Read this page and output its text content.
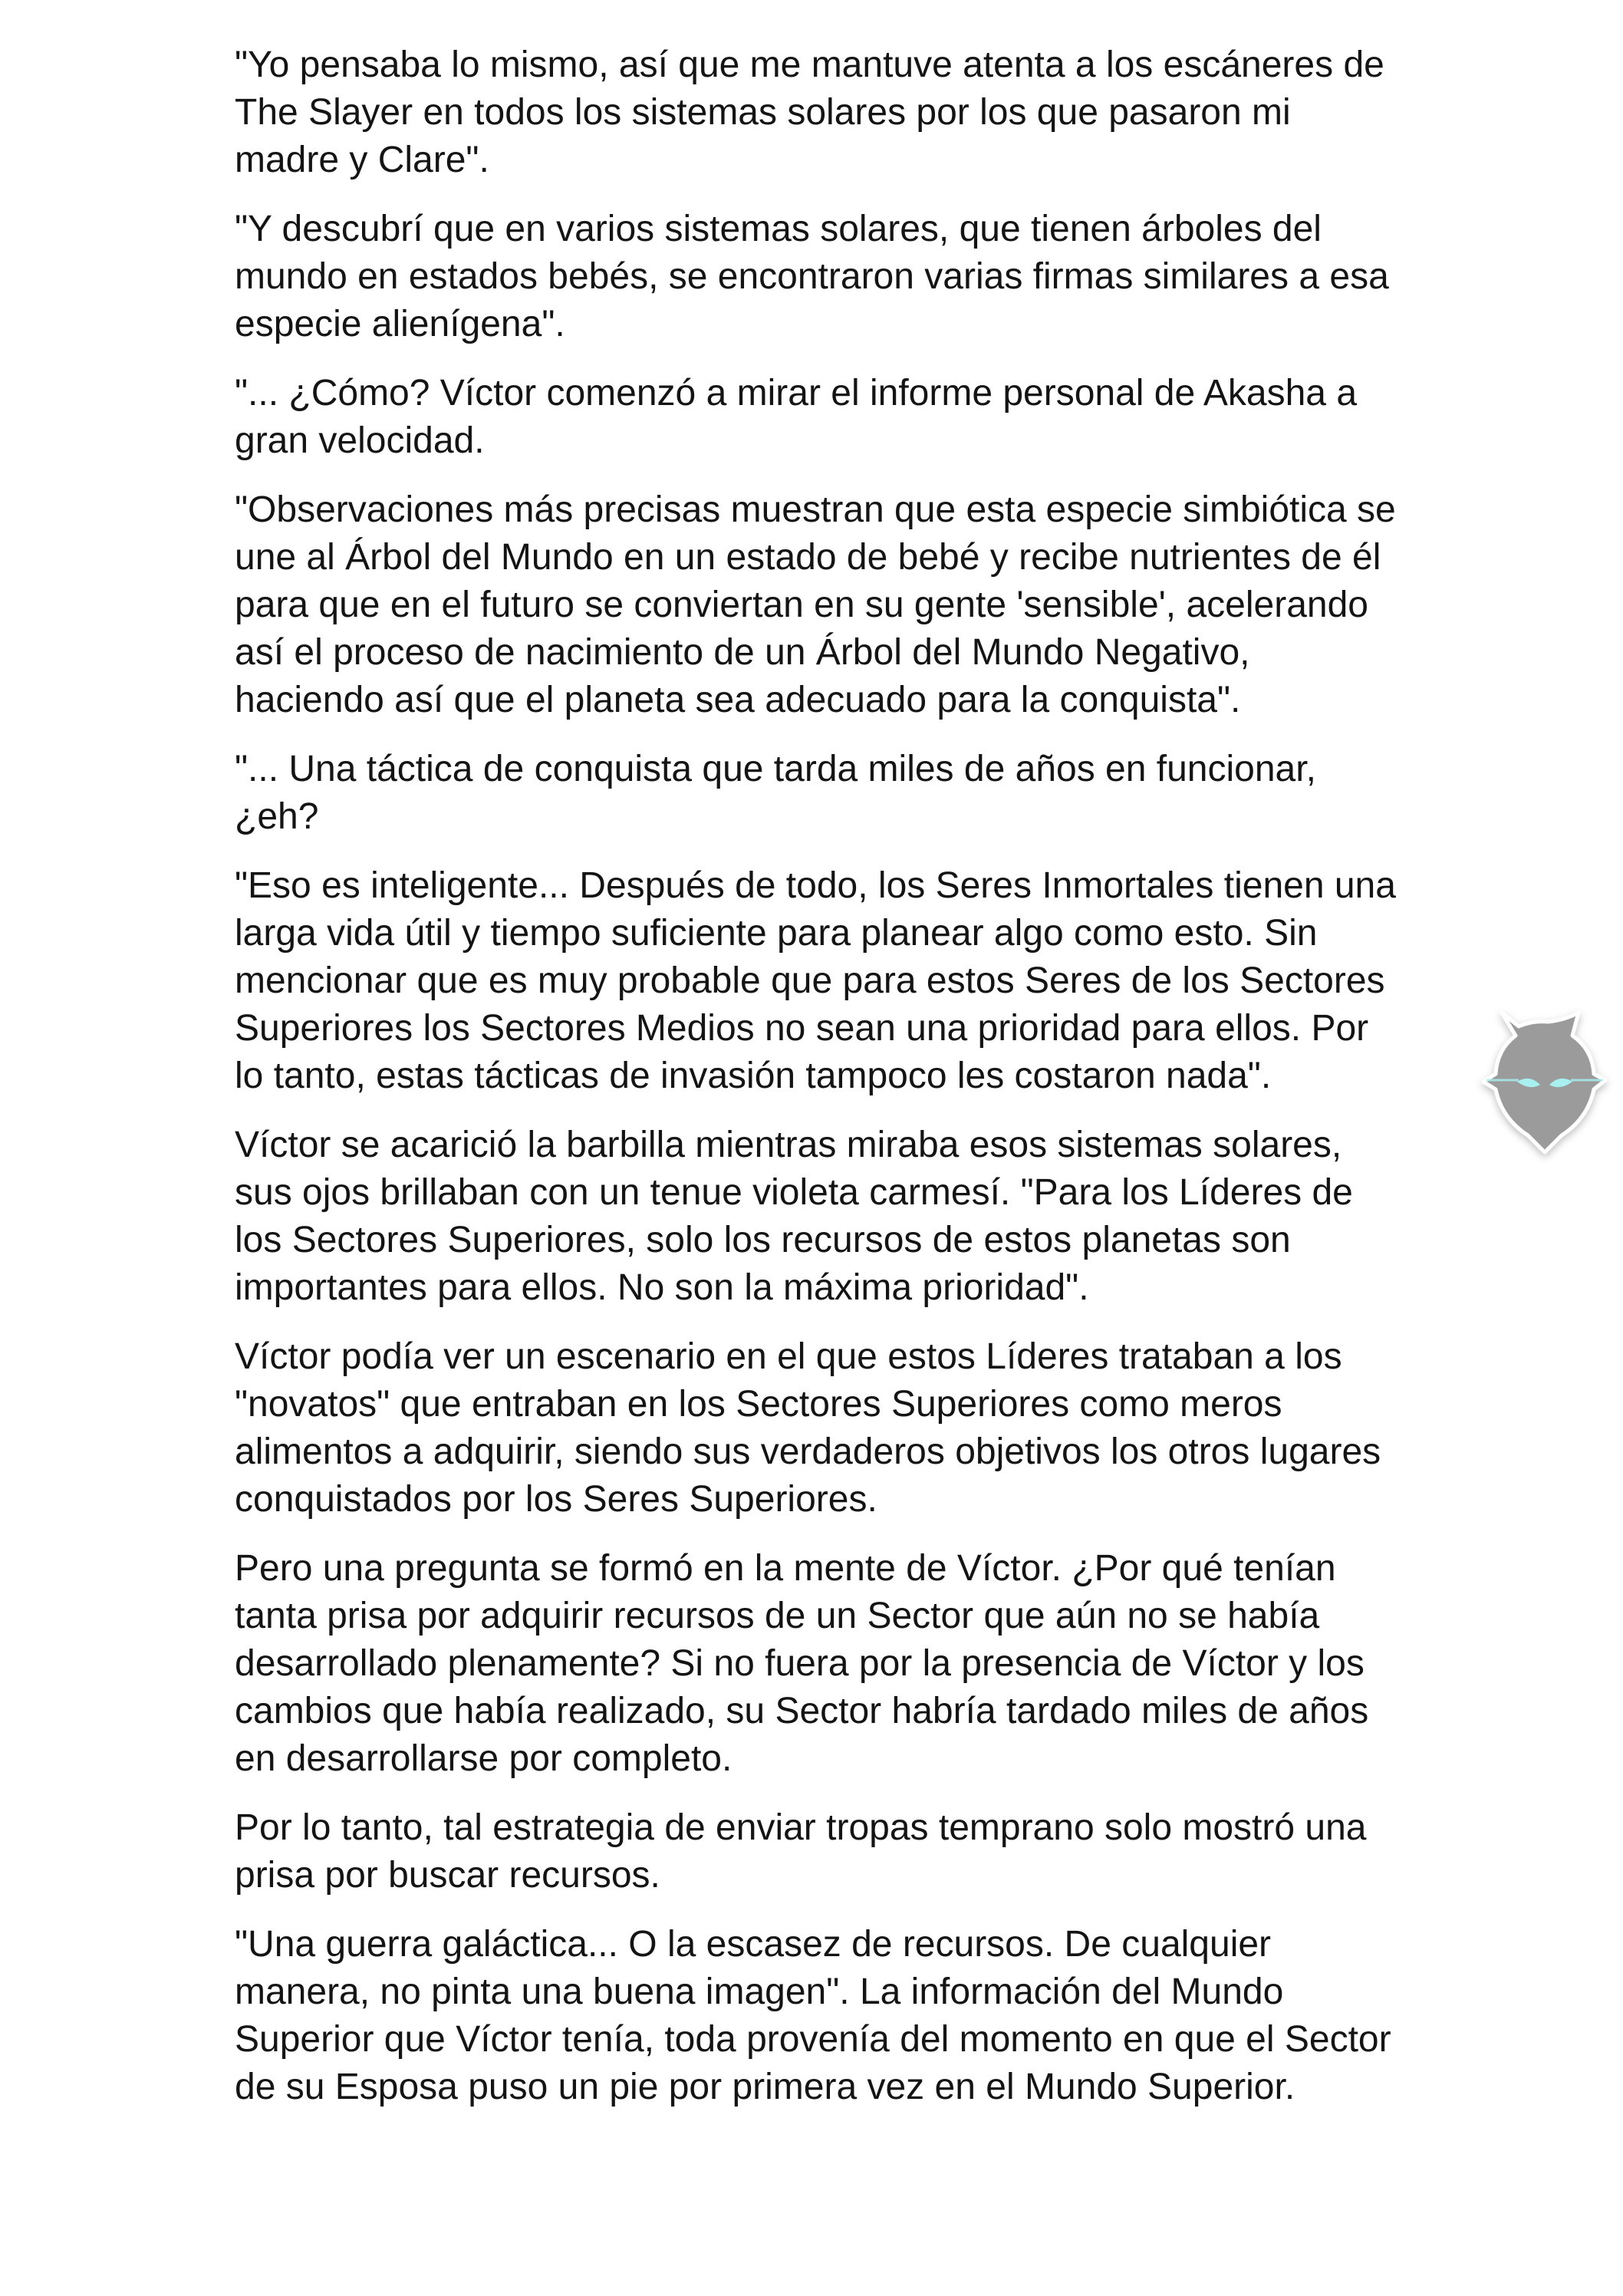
"Yo pensaba lo mismo, así que me mantuve atenta a los escáneres de The Slayer en todos los sistemas solares por los que pasaron mi madre y Clare".

"Y descubrí que en varios sistemas solares, que tienen árboles del mundo en estados bebés, se encontraron varias firmas similares a esa especie alienígena".

"... ¿Cómo? Víctor comenzó a mirar el informe personal de Akasha a gran velocidad.

"Observaciones más precisas muestran que esta especie simbiótica se une al Árbol del Mundo en un estado de bebé y recibe nutrientes de él para que en el futuro se conviertan en su gente 'sensible', acelerando así el proceso de nacimiento de un Árbol del Mundo Negativo, haciendo así que el planeta sea adecuado para la conquista".

"... Una táctica de conquista que tarda miles de años en funcionar, ¿eh?

"Eso es inteligente... Después de todo, los Seres Inmortales tienen una larga vida útil y tiempo suficiente para planear algo como esto. Sin mencionar que es muy probable que para estos Seres de los Sectores Superiores los Sectores Medios no sean una prioridad para ellos. Por lo tanto, estas tácticas de invasión tampoco les costaron nada".

Víctor se acarició la barbilla mientras miraba esos sistemas solares, sus ojos brillaban con un tenue violeta carmesí. "Para los Líderes de los Sectores Superiores, solo los recursos de estos planetas son importantes para ellos. No son la máxima prioridad".

Víctor podía ver un escenario en el que estos Líderes trataban a los "novatos" que entraban en los Sectores Superiores como meros alimentos a adquirir, siendo sus verdaderos objetivos los otros lugares conquistados por los Seres Superiores.

Pero una pregunta se formó en la mente de Víctor. ¿Por qué tenían tanta prisa por adquirir recursos de un Sector que aún no se había desarrollado plenamente? Si no fuera por la presencia de Víctor y los cambios que había realizado, su Sector habría tardado miles de años en desarrollarse por completo.

Por lo tanto, tal estrategia de enviar tropas temprano solo mostró una prisa por buscar recursos.

"Una guerra galáctica... O la escasez de recursos. De cualquier manera, no pinta una buena imagen". La información del Mundo Superior que Víctor tenía, toda provenía del momento en que el Sector de su Esposa puso un pie por primera vez en el Mundo Superior.
